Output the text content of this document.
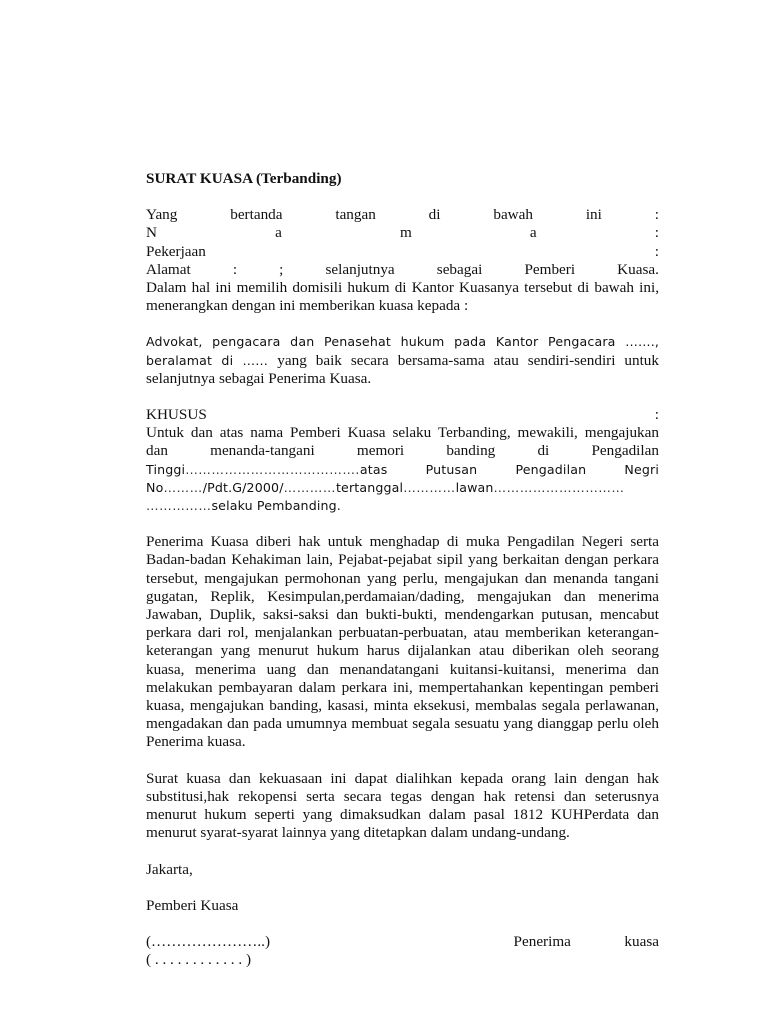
SURAT KUASA (Terbanding)
Yang	bertanda	tangan	di	bawah	ini	:
N	a	m	a	:
Pekerjaan	:
Alamat	:	;	selanjutnya	sebagai	Pemberi	Kuasa.
Dalam hal ini memilih domisili hukum di Kantor Kuasanya tersebut di bawah ini, menerangkan dengan ini memberikan kuasa kepada :
Advokat, pengacara dan Penasehat hukum pada Kantor Pengacara …….,
beralamat di …… yang baik secara bersama-sama atau sendiri-sendiri untuk
selanjutnya sebagai Penerima Kuasa.
KHUSUS	:
Untuk dan atas nama Pemberi Kuasa selaku Terbanding, mewakili, mengajukan
dan	menanda-tangani	memori	banding	di	Pengadilan
Tinggi………………………………….atas	Putusan	Pengadilan	Negri
No………/Pdt.G/2000/…………tertanggal…………lawan…………………………
……………selaku Pembanding.
Penerima Kuasa diberi hak untuk menghadap di muka Pengadilan Negeri serta Badan-badan Kehakiman lain, Pejabat-pejabat sipil yang berkaitan dengan perkara tersebut, mengajukan permohonan yang perlu, mengajukan dan menanda tangani gugatan, Replik, Kesimpulan,perdamaian/dading, mengajukan dan menerima Jawaban, Duplik, saksi-saksi dan bukti-bukti, mendengarkan putusan, mencabut perkara dari rol, menjalankan perbuatan-perbuatan, atau memberikan keterangan-keterangan yang menurut hukum harus dijalankan atau diberikan oleh seorang kuasa, menerima uang dan menandatangani kuitansi-kuitansi, menerima dan melakukan pembayaran dalam perkara ini, mempertahankan kepentingan pemberi kuasa, mengajukan banding, kasasi, minta eksekusi, membalas segala perlawanan, mengadakan dan pada umumnya membuat segala sesuatu yang dianggap perlu oleh Penerima kuasa.
Surat kuasa dan kekuasaan ini dapat dialihkan kepada orang lain dengan hak substitusi,hak rekopensi serta secara tegas dengan hak retensi dan seterusnya menurut hukum seperti yang dimaksudkan dalam pasal 1812 KUHPerdata dan menurut syarat-syarat lainnya yang ditetapkan dalam undang-undang.
Jakarta,
Pemberi Kuasa
(…………………..)	Penerima	kuasa
( . . . . . . . . . . . . )
